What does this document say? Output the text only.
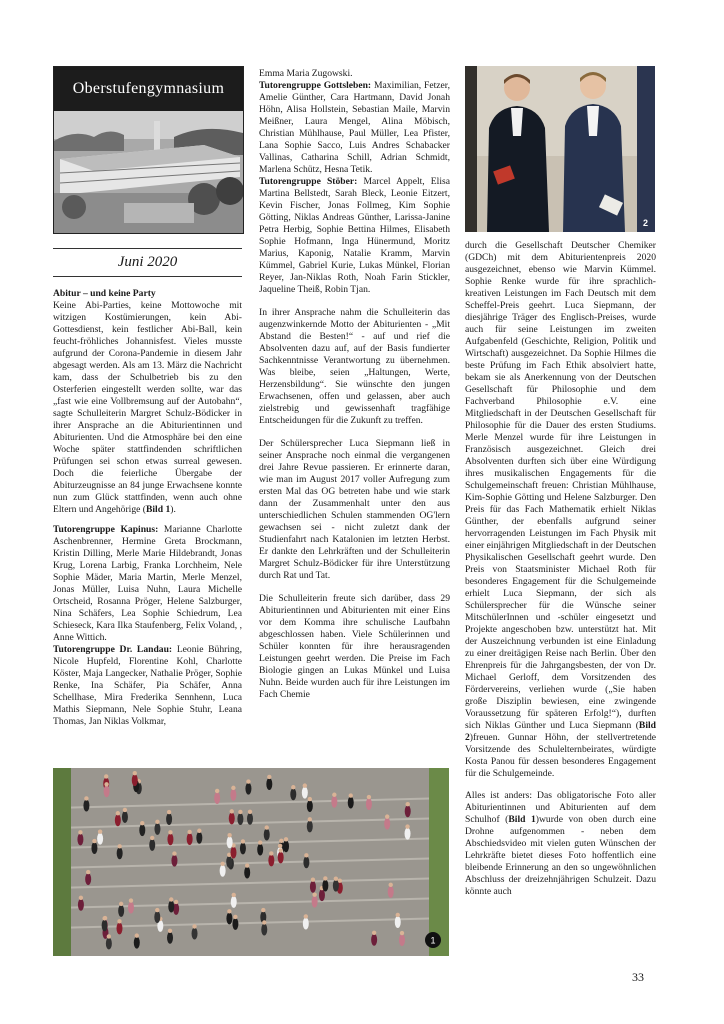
Oberstufengymnasium
Juni 2020

Abitur – und keine Party
Keine Abi-Parties, keine Mottowoche mit witzigen Kostümierungen, kein Abi-Gottesdienst, kein festlicher Abi-Ball, kein feucht-fröhliches Johannisfest. Vieles musste aufgrund der Corona-Pandemie in diesem Jahr abgesagt werden. Als am 13. März die Nachricht kam, dass der Schulbetrieb bis zu den Osterferien eingestellt werden sollte, war das „fast wie eine Vollbremsung auf der Autobahn“, sagte Schulleiterin Margret Schulz-Bödicker in ihrer Ansprache an die Abiturientinnen und Abiturienten. Und die Atmosphäre bei den eine Woche später stattfindenden schriftlichen Prüfungen sei schon etwas surreal gewesen. Doch die feierliche Übergabe der Abiturzeugnisse an 84 junge Erwachsene konnte nun zum Glück stattfinden, wenn auch ohne Eltern und Angehörige (Bild 1).

Tutorengruppe Kapinus: Marianne Charlotte Aschenbrenner, Hermine Greta Brockmann, Kristin Dilling, Merle Marie Hildebrandt, Jonas Krug, Lorena Larbig, Franka Lorchheim, Nele Sophie Mäder, Maria Martin, Merle Menzel, Jonas Müller, Luisa Nuhn, Laura Michelle Ortscheid, Rosanna Pröger, Helene Salzburger, Nina Schäfers, Lea Sophie Schiedrum, Lea Schieseck, Kara Ilka Staufenberg, Felix Voland, , Anne Wittich.
Tutorengruppe Dr. Landau: Leonie Bühring, Nicole Hupfeld, Florentine Kohl, Charlotte Köster, Maja Langecker, Nathalie Pröger, Sophie Renke, Ina Schäfer, Pia Schäfer, Anna Schellhase, Mira Frederika Sennhenn, Luca Mathis Siepmann, Nele Sophie Stuhr, Leana Thomas, Jan Niklas Volkmar,

Emma Maria Zugowski.
Tutorengruppe Gottsleben: Maximilian, Fetzer, Amelie Günther, Cara Hartmann, David Jonah Höhn, Alisa Hollstein, Sebastian Maile, Marvin Meißner, Laura Mengel, Alina Möbisch, Christian Mühlhause, Paul Müller, Lea Pfister, Lana Sophie Sacco, Luis Andres Schabacker Vallinas, Catharina Schill, Adrian Schmidt, Marlena Schütz, Hesna Tetik.
Tutorengruppe Stöber: Marcel Appelt, Elisa Martina Bellstedt, Sarah Bleck, Leonie Eitzert, Kevin Fischer, Jonas Follmeg, Kim Sophie Götting, Niklas Andreas Günther, Larissa-Janine Petra Herbig, Sophie Bettina Hilmes, Elisabeth Sophie Hofmann, Inga Hünermund, Moritz Marius, Kaponig, Natalie Kramm, Marvin Kümmel, Gabriel Kurie, Lukas Münkel, Florian Reyer, Jan-Niklas Roth, Noah Farin Stickler, Jaqueline Theiß, Robin Tjan.

In ihrer Ansprache nahm die Schulleiterin das augenzwinkernde Motto der Abiturienten - „Mit Abstand die Besten!“ - auf und rief die Absolventen dazu auf, auf der Basis fundierter Sachkenntnisse Verantwortung zu übernehmen. Was bleibe, seien „Haltungen, Werte, Herzensbildung“. Sie wünschte den jungen Erwachsenen, offen und gelassen, aber auch zielstrebig und gewissenhaft tragfähige Entscheidungen für die Zukunft zu treffen.

Der Schülersprecher Luca Siepmann ließ in seiner Ansprache noch einmal die vergangenen drei Jahre Revue passieren. Er erinnerte daran, wie man im August 2017 voller Aufregung zum ersten Mal das OG betreten habe und wie stark dann der Zusammenhalt unter den aus unterschiedlichen Schulen stammenden OG'lern gewachsen sei - nicht zuletzt dank der Studienfahrt nach Katalonien im letzten Herbst. Er dankte den Lehrkräften und der Schulleiterin Margret Schulz-Bödicker für ihre Unterstützung durch Rat und Tat.

Die Schulleiterin freute sich darüber, dass 29 Abiturientinnen und Abiturienten mit einer Eins vor dem Komma ihre schulische Laufbahn abgeschlossen haben. Viele Schülerinnen und Schüler konnten für ihre herausragenden Leistungen geehrt werden. Die Preise im Fach Biologie gingen an Lukas Münkel und Luisa Nuhn. Beide wurden auch für ihre Leistungen im Fach Chemie

2

durch die Gesellschaft Deutscher Chemiker (GDCh) mit dem Abiturientenpreis 2020 ausgezeichnet, ebenso wie Marvin Kümmel. Sophie Renke wurde für ihre sprachlich-kreativen Leistungen im Fach Deutsch mit dem Scheffel-Preis geehrt. Luca Siepmann, der diesjährige Träger des Englisch-Preises, wurde auch für seine Leistungen im zweiten Aufgabenfeld (Geschichte, Religion, Politik und Wirtschaft) ausgezeichnet. Da Sophie Hilmes die beste Prüfung im Fach Ethik absolviert hatte, bekam sie als Anerkennung von der Deutschen Gesellschaft für Philosophie und dem Fachverband Philosophie e.V. eine Mitgliedschaft in der Deutschen Gesellschaft für Philosophie für die Dauer des ersten Studiums. Merle Menzel wurde für ihre Leistungen in Französisch ausgezeichnet. Gleich drei Absolventen durften sich über eine Würdigung ihres musikalischen Engagements für die Schulgemeinschaft freuen: Christian Mühlhause, Kim-Sophie Götting und Helene Salzburger. Den Preis für das Fach Mathematik erhielt Niklas Günther, der ebenfalls aufgrund seiner hervorragenden Leistungen im Fach Physik mit einer einjährigen Mitgliedschaft in der Deutschen Physikalischen Gesellschaft geehrt wurde. Den Preis von Staatsminister Michael Roth für besonderes Engagement für die Schulgemeinde erhielt Luca Siepmann, der sich als Schülersprecher für die Wünsche seiner MitschülerInnen und -schüler eingesetzt und Projekte angeschoben bzw. unterstützt hat. Mit der Auszeichnung verbunden ist eine Einladung zu einer dreitägigen Reise nach Berlin. Über den Ehrenpreis für die Jahrgangsbesten, der von Dr. Michael Gerloff, dem Vorsitzenden des Fördervereins, verliehen wurde („Sie haben große Disziplin bewiesen, eine zwingende Voraussetzung für späteren Erfolg!“), durften sich Niklas Günther und Luca Siepmann (Bild 2)freuen. Gunnar Höhn, der stellvertretende Vorsitzende des Schulelternbeirates, würdigte Kosta Panou für dessen besonderes Engagement für die Schulgemeinde.

Alles ist anders: Das obligatorische Foto aller Abiturientinnen und Abiturienten auf dem Schulhof (Bild 1)wurde von oben durch eine Drohne aufgenommen - neben dem Abschiedsvideo mit vielen guten Wünschen der Lehrkräfte bietet dieses Foto hoffentlich eine bleibende Erinnerung an den so ungewöhnlichen Abschluss der dreizehnjährigen Schulzeit. Dazu könnte auch

1
33
